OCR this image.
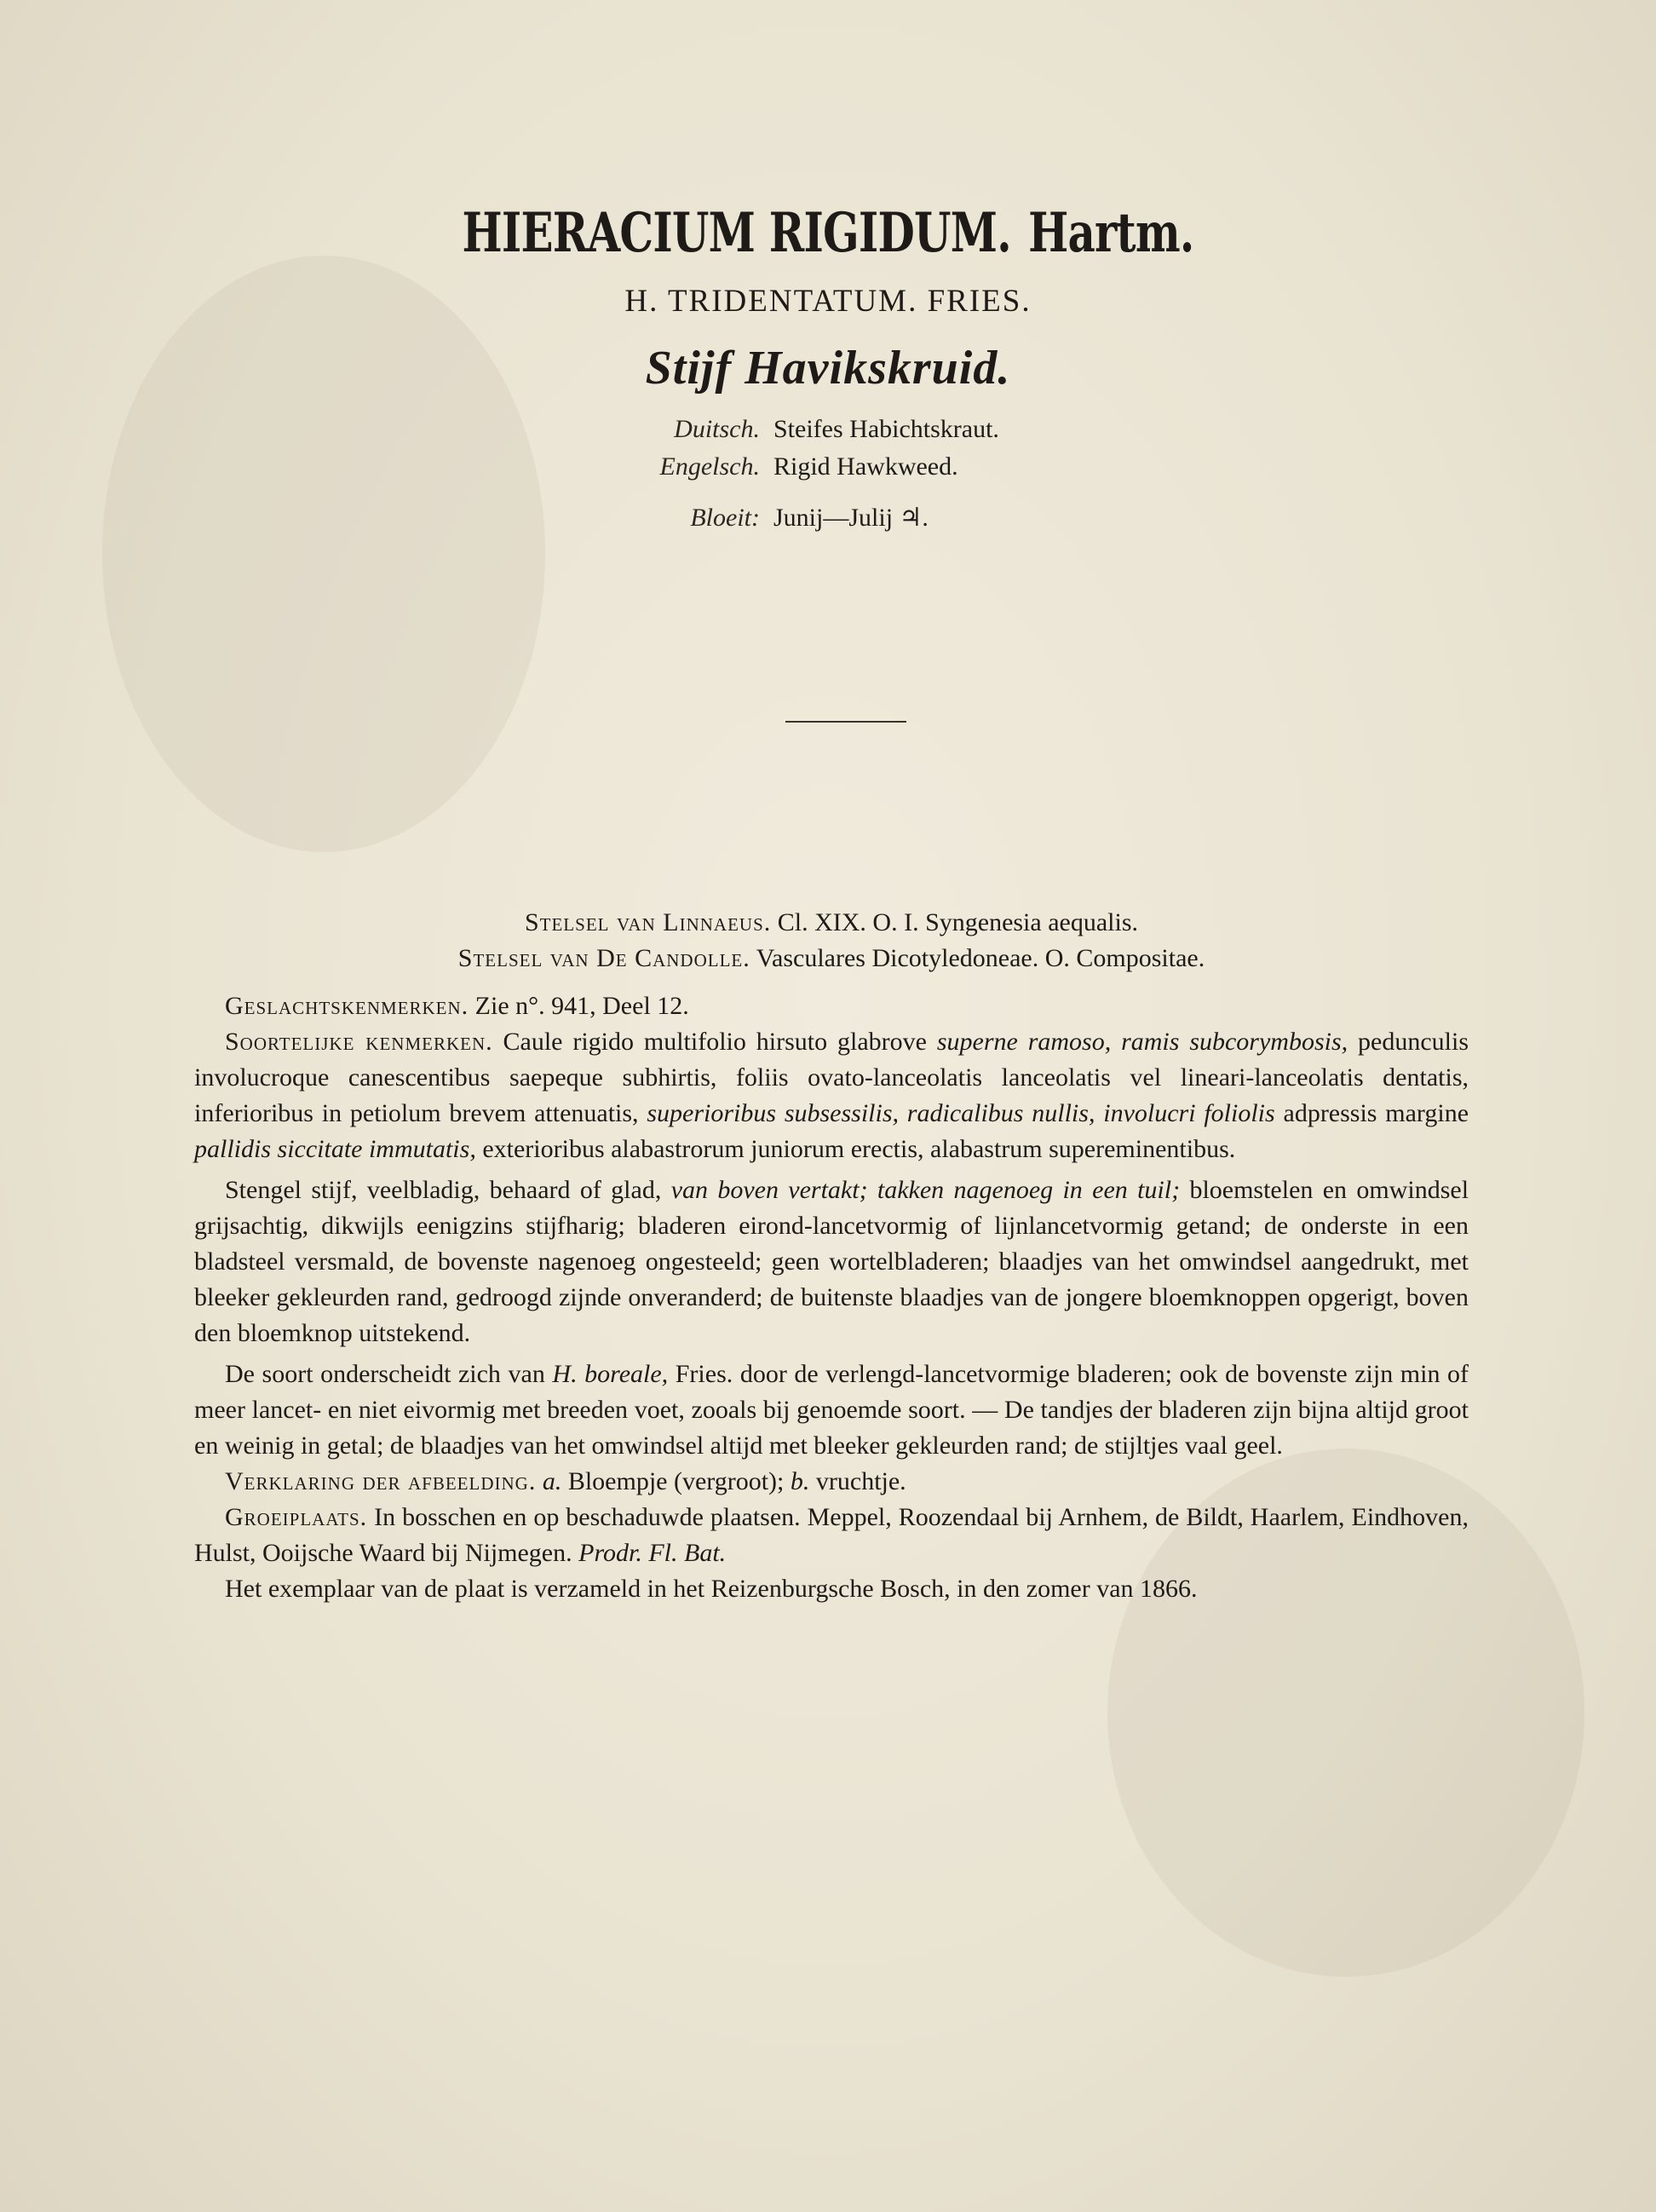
HIERACIUM RIGIDUM. Hartm.
H. TRIDENTATUM. FRIES.
Stijf Havikskruid.
Duitsch. Steifes Habichtskraut.
Engelsch. Rigid Hawkweed.
Bloeit: Junij—Julij ♃.

Stelsel van Linnaeus. Cl. XIX. O. I. Syngenesia aequalis.

Stelsel van De Candolle. Vasculares Dicotyledoneae. O. Compositae.

Geslachtskenmerken. Zie n°. 941, Deel 12.

Soortelijke kenmerken. Caule rigido multifolio hirsuto glabrove superne ramoso, ramis subcorymbosis, pedunculis involucroque canescentibus saepeque subhirtis, foliis ovato-lanceolatis lanceolatis vel lineari-lanceolatis dentatis, inferioribus in petiolum brevem attenuatis, superioribus subsessilis, radicalibus nullis, involucri foliolis adpressis margine pallidis siccitate immutatis, exterioribus alabastrorum juniorum erectis, alabastrum supereminentibus.

Stengel stijf, veelbladig, behaard of glad, van boven vertakt; takken nagenoeg in een tuil; bloemstelen en omwindsel grijsachtig, dikwijls eenigzins stijfharig; bladeren eirond-lancetvormig of lijnlancetvormig getand; de onderste in een bladsteel versmald, de bovenste nagenoeg ongesteeld; geen wortelbladeren; blaadjes van het omwindsel aangedrukt, met bleeker gekleurden rand, gedroogd zijnde onveranderd; de buitenste blaadjes van de jongere bloemknoppen opgerigt, boven den bloemknop uitstekend.

De soort onderscheidt zich van H. boreale, Fries. door de verlengd-lancetvormige bladeren; ook de bovenste zijn min of meer lancet- en niet eivormig met breeden voet, zooals bij genoemde soort. — De tandjes der bladeren zijn bijna altijd groot en weinig in getal; de blaadjes van het omwindsel altijd met bleeker gekleurden rand; de stijltjes vaal geel.

Verklaring der afbeelding. a. Bloempje (vergroot); b. vruchtje.

Groeiplaats. In bosschen en op beschaduwde plaatsen. Meppel, Roozendaal bij Arnhem, de Bildt, Haarlem, Eindhoven, Hulst, Ooijsche Waard bij Nijmegen. Prodr. Fl. Bat.

Het exemplaar van de plaat is verzameld in het Reizenburgsche Bosch, in den zomer van 1866.
